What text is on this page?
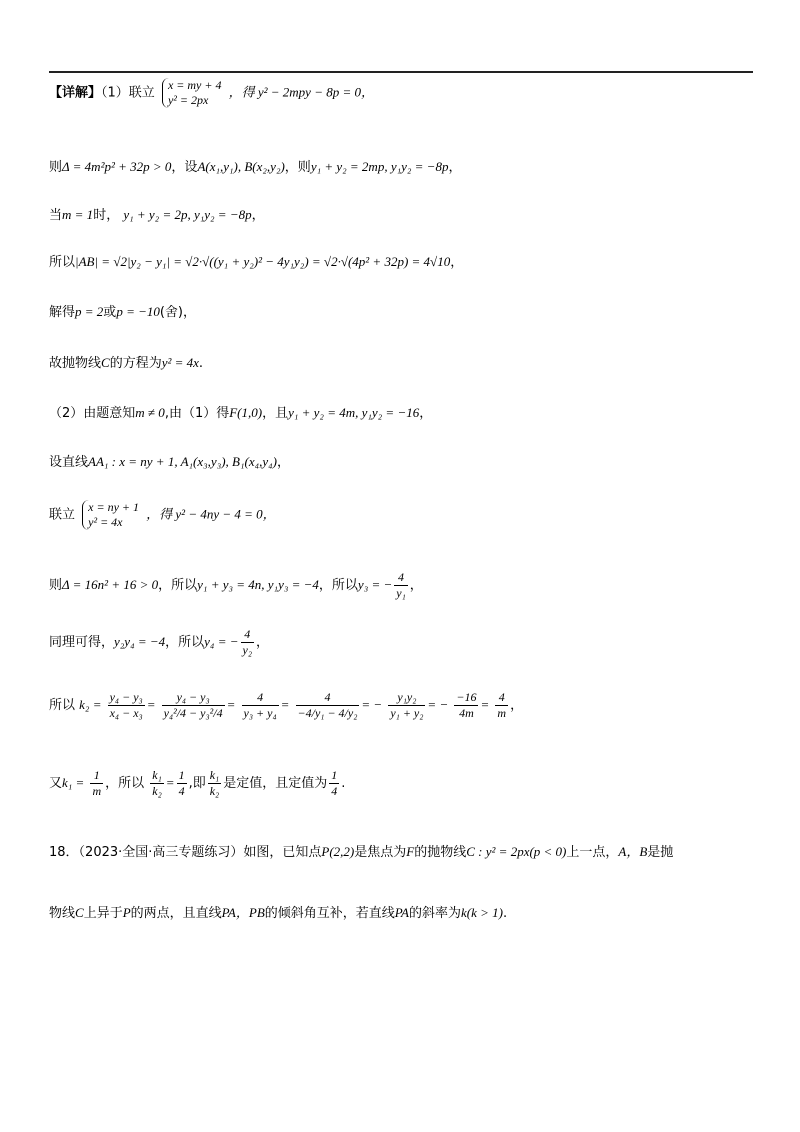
【详解】（1）联立
x = my + 4
y² = 2px
，得 y² − 2mpy − 8p = 0，
则Δ = 4m²p² + 32p > 0，设A(x₁,y₁), B(x₂,y₂)，则y₁ + y₂ = 2mp, y₁y₂ = −8p，
当m = 1时， y₁ + y₂ = 2p, y₁y₂ = −8p，
所以|AB| = √2|y₂ − y₁| = √2·√((y₁ + y₂)² − 4y₁y₂) = √2·√(4p² + 32p) = 4√10，
解得p = 2或p = −10(舍)，
故抛物线C的方程为y² = 4x.
（2）由题意知m ≠ 0,由（1）得F(1,0)，且y₁ + y₂ = 4m, y₁y₂ = −16，
设直线AA₁ : x = ny + 1, A₁(x₃,y₃), B₁(x₄,y₄)，
联立
x = ny + 1
y² = 4x
，得 y² − 4ny − 4 = 0，
则Δ = 16n² + 16 > 0，所以y₁ + y₃ = 4n, y₁y₃ = −4，所以y₃ = − $\frac{4}{\text{y₁}}$ ，
同理可得，y₂y₄ = −4，所以y₄ = − $\frac{4}{\text{y₂}}$ ，
所以 $k_2 = \frac{\text{y₄ − y₃}}{\text{x₄ − x₃}} = \frac{\text{y₄ − y₃}}{\text{y₄²/4 − y₃²/4}} = \frac{4}{\text{y₃ + y₄}} = \frac{4}{\text{−4/y₁ − 4/y₂}}$ = − $\frac{\text{y₁y₂}}{\text{y₁ + y₂}}$ = − $\frac{-16}{4m} = \frac{4}{m}$ ，
又$k_1 = \frac{1}{m}$ ，所以 $\frac{\text{k₁}}{\text{k₂}} = \frac{1}{4}$ ,即 $\frac{\text{k₁}}{\text{k₂}}$ 是定值，且定值为 $\frac{1}{4}$ .
18．（2023·全国·高三专题练习）如图，已知点P(2,2)是焦点为F的抛物线C : y² = 2px(p < 0)上一点，A，B是抛
物线C上异于P的两点，且直线PA，PB的倾斜角互补，若直线PA的斜率为k(k > 1).
